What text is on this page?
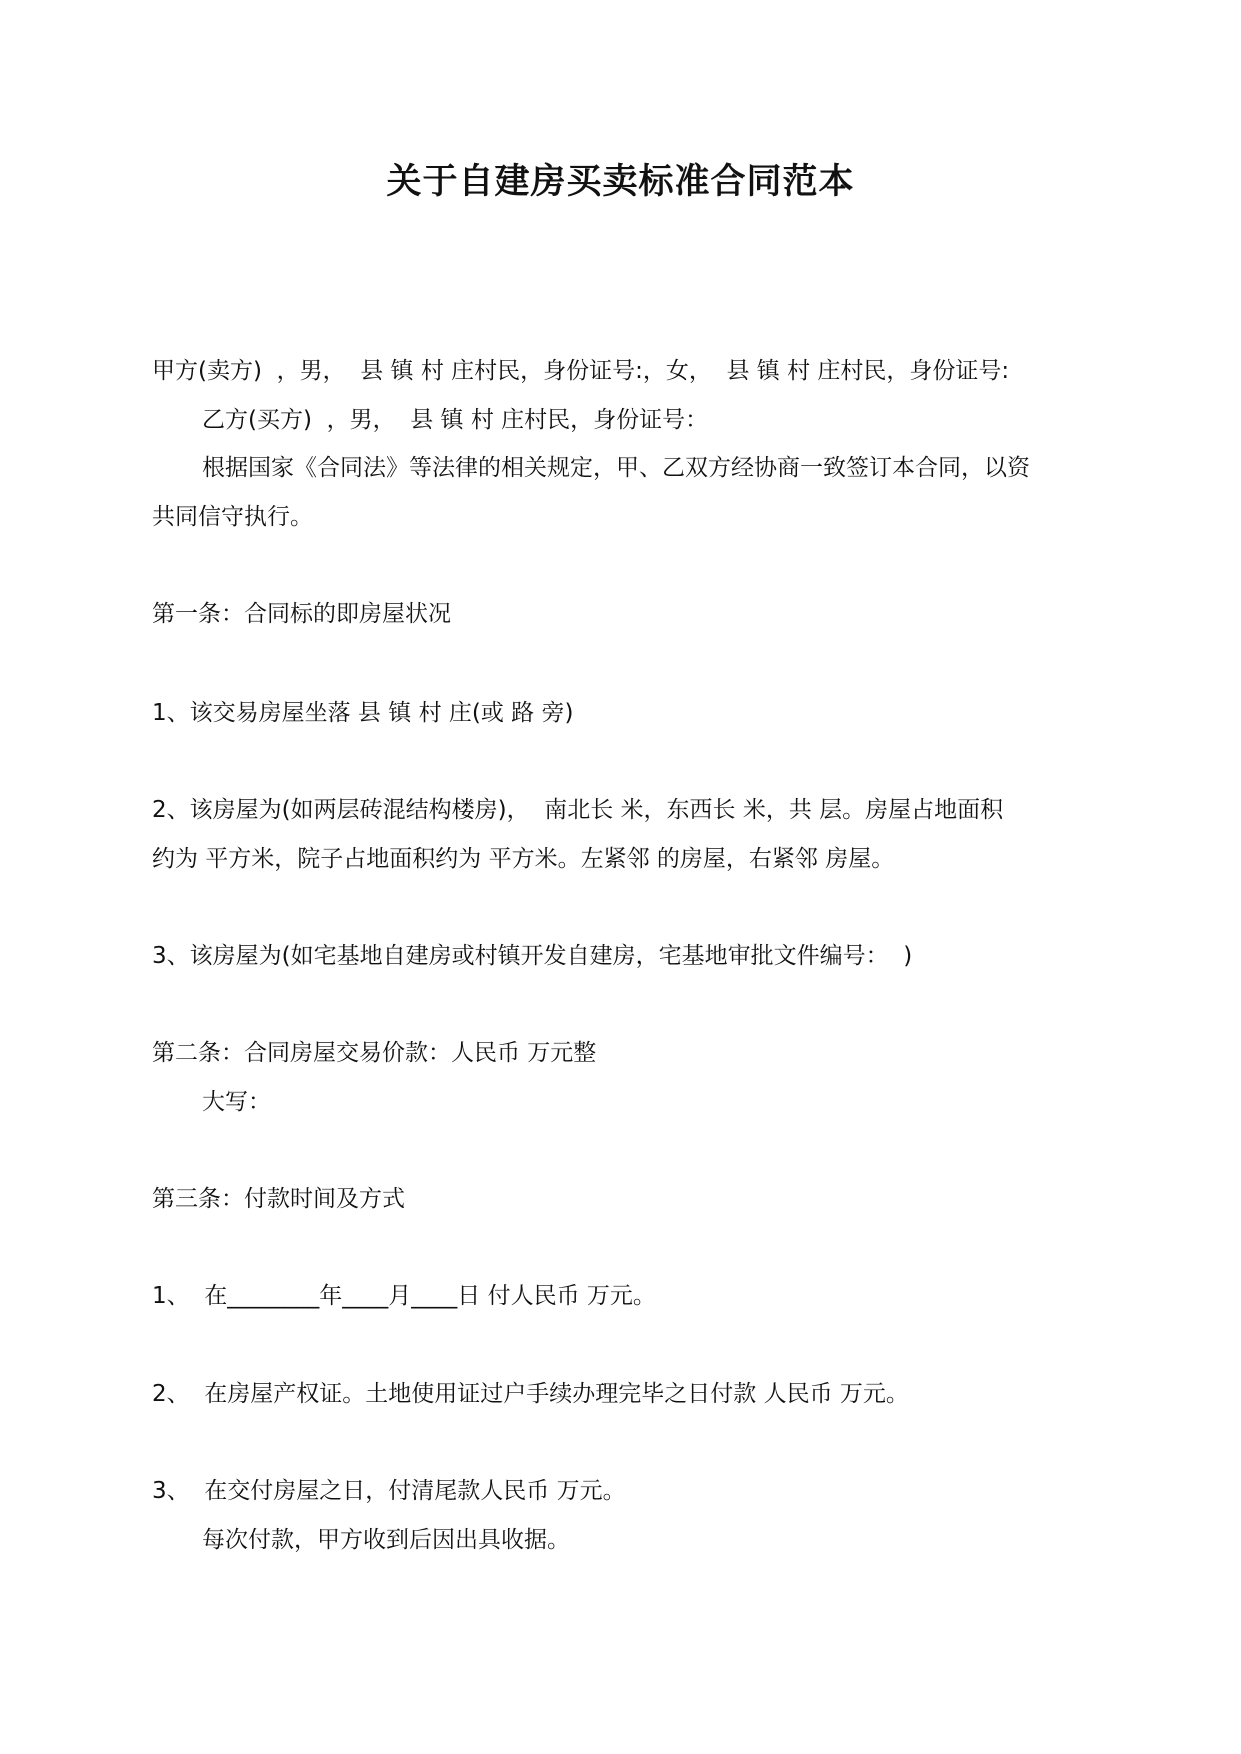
关于自建房买卖标准合同范本
甲方(卖方)  ，男，  县 镇 村 庄村民，身份证号:，女，  县 镇 村 庄村民，身份证号:
乙方(买方)  ，男，  县 镇 村 庄村民，身份证号：
根据国家《合同法》等法律的相关规定，甲、乙双方经协商一致签订本合同，以资
共同信守执行。
第一条：合同标的即房屋状况
1、该交易房屋坐落 县 镇 村 庄(或 路 旁)
2、该房屋为(如两层砖混结构楼房)，  南北长 米，东西长 米，共 层。房屋占地面积
约为 平方米，院子占地面积约为 平方米。左紧邻 的房屋，右紧邻 房屋。
3、该房屋为(如宅基地自建房或村镇开发自建房，宅基地审批文件编号：  )
第二条：合同房屋交易价款：人民币 万元整
大写：
第三条：付款时间及方式
1、  在________年____月____日 付人民币 万元。
2、  在房屋产权证。土地使用证过户手续办理完毕之日付款 人民币 万元。
3、  在交付房屋之日，付清尾款人民币 万元。
每次付款，甲方收到后因出具收据。
